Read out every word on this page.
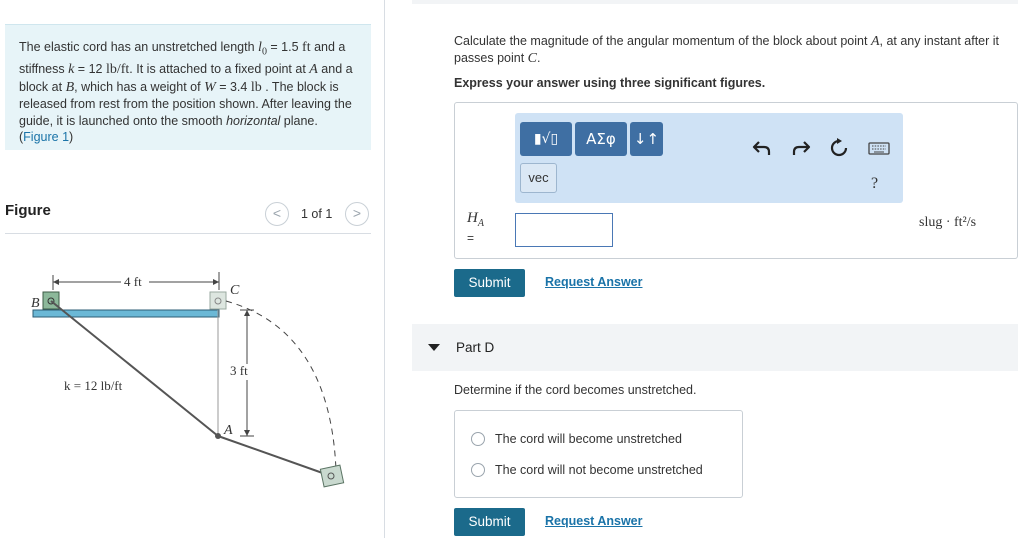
The elastic cord has an unstretched length $l_0 = 1.5$ ft and a stiffness k = 12 lb/ft. It is attached to a fixed point at A and a block at B, which has a weight of W = 3.4 lb . The block is released from rest from the position shown. After leaving the guide, it is launched onto the smooth horizontal plane. (Figure 1)
Figure	<	1 of 1	>
4 ft
B
C
3 ft
A
k = 12 lb/ft
Calculate the magnitude of the angular momentum of the block about point A, at any instant after it passes point C.
Express your answer using three significant figures.
▮√▯	ΑΣφ	↓↑
vec	?
$H_A$
=
slug · ft²/s
Submit	Request Answer
Part D
Determine if the cord becomes unstretched.
The cord will become unstretched
The cord will not become unstretched
Submit	Request Answer
